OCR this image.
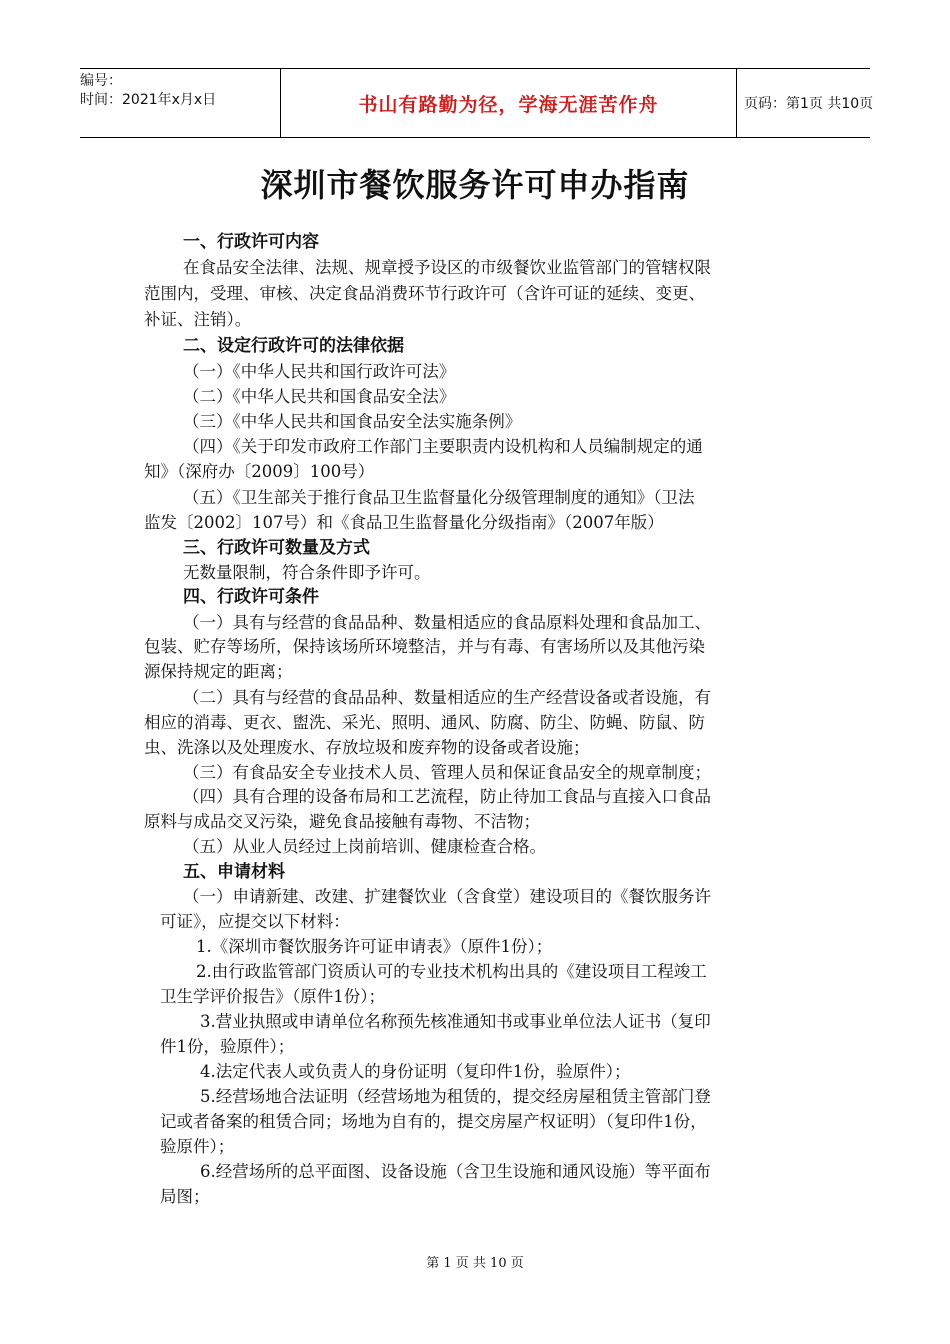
编号：
时间：2021年x月x日	书山有路勤为径，学海无涯苦作舟	页码：第1页 共10页
深圳市餐饮服务许可申办指南
一、行政许可内容
在食品安全法律、法规、规章授予设区的市级餐饮业监管部门的管辖权限
范围内，受理、审核、决定食品消费环节行政许可（含许可证的延续、变更、
补证、注销）。
二、设定行政许可的法律依据
（一）《中华人民共和国行政许可法》
（二）《中华人民共和国食品安全法》
（三）《中华人民共和国食品安全法实施条例》
（四）《关于印发市政府工作部门主要职责内设机构和人员编制规定的通
知》（深府办〔2009〕100号）
（五）《卫生部关于推行食品卫生监督量化分级管理制度的通知》（卫法
监发〔2002〕107号）和《食品卫生监督量化分级指南》（2007年版）
三、行政许可数量及方式
无数量限制，符合条件即予许可。
四、行政许可条件
（一）具有与经营的食品品种、数量相适应的食品原料处理和食品加工、
包装、贮存等场所，保持该场所环境整洁，并与有毒、有害场所以及其他污染
源保持规定的距离；
（二）具有与经营的食品品种、数量相适应的生产经营设备或者设施，有
相应的消毒、更衣、盥洗、采光、照明、通风、防腐、防尘、防蝇、防鼠、防
虫、洗涤以及处理废水、存放垃圾和废弃物的设备或者设施；
（三）有食品安全专业技术人员、管理人员和保证食品安全的规章制度；
（四）具有合理的设备布局和工艺流程，防止待加工食品与直接入口食品
原料与成品交叉污染，避免食品接触有毒物、不洁物；
（五）从业人员经过上岗前培训、健康检查合格。
五、申请材料
（一）申请新建、改建、扩建餐饮业（含食堂）建设项目的《餐饮服务许
可证》，应提交以下材料：
1.《深圳市餐饮服务许可证申请表》（原件1份）；
2.由行政监管部门资质认可的专业技术机构出具的《建设项目工程竣工
卫生学评价报告》（原件1份）；
3.营业执照或申请单位名称预先核准通知书或事业单位法人证书（复印
件1份，验原件）；
4.法定代表人或负责人的身份证明（复印件1份，验原件）；
5.经营场地合法证明（经营场地为租赁的，提交经房屋租赁主管部门登
记或者备案的租赁合同；场地为自有的，提交房屋产权证明）（复印件1份，
验原件）；
6.经营场所的总平面图、设备设施（含卫生设施和通风设施）等平面布
局图；
第 1 页 共 10 页
